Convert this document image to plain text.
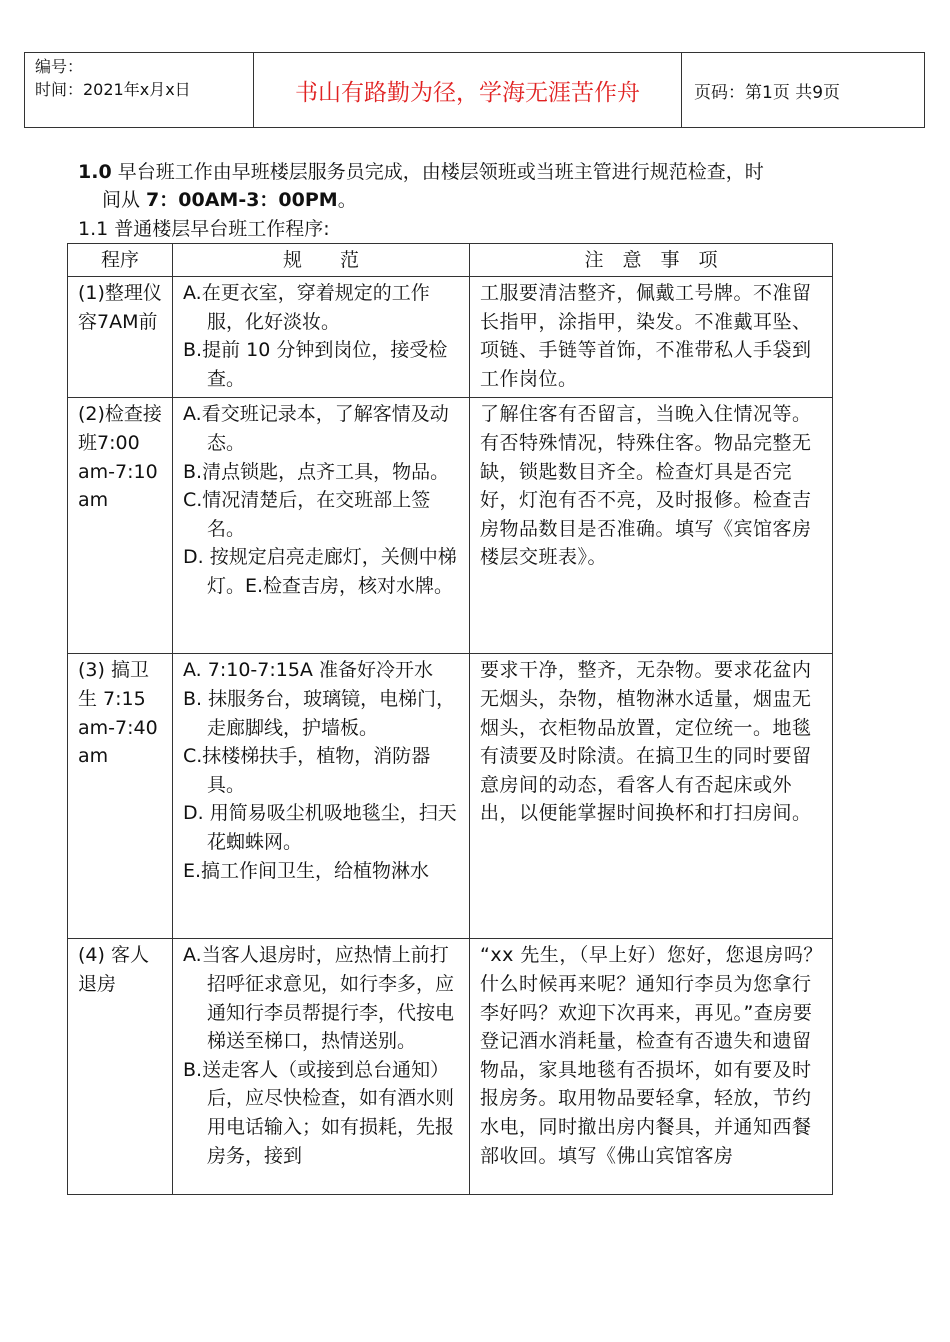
编号：
时间：2021年x月x日	书山有路勤为径，学海无涯苦作舟	页码：第1页 共9页
1.0 早台班工作由早班楼层服务员完成，由楼层领班或当班主管进行规范检查，时
间从 7：00AM-3：00PM。
1.1 普通楼层早台班工作程序:
程序	规　　范	注　意　事　项
(1)整理仪容7AM前	A.在更衣室，穿着规定的工作服，化好淡妆。
B.提前 10 分钟到岗位，接受检查。	工服要清洁整齐，佩戴工号牌。不准留长指甲，涂指甲，染发。不准戴耳坠、项链、手链等首饰，不准带私人手袋到工作岗位。
(2)检查接班7:00 am-7:10 am	A.看交班记录本，了解客情及动态。
B.清点锁匙，点齐工具，物品。
C.情况清楚后，在交班部上签名。
D. 按规定启亮走廊灯，关侧中梯灯。E.检查吉房，核对水牌。	了解住客有否留言，当晚入住情况等。有否特殊情况，特殊住客。物品完整无缺，锁匙数目齐全。检查灯具是否完好，灯泡有否不亮，及时报修。检查吉房物品数目是否准确。填写《宾馆客房楼层交班表》。
(3) 搞卫生 7:15 am-7:40 am	A. 7:10-7:15A 准备好冷开水
B. 抹服务台，玻璃镜，电梯门，走廊脚线，护墙板。
C.抹楼梯扶手，植物，消防器具。
D. 用简易吸尘机吸地毯尘，扫天花蜘蛛网。
E.搞工作间卫生，给植物淋水	要求干净，整齐，无杂物。要求花盆内无烟头，杂物，植物淋水适量，烟盅无烟头，衣柜物品放置，定位统一。地毯有渍要及时除渍。在搞卫生的同时要留意房间的动态，看客人有否起床或外出，以便能掌握时间换杯和打扫房间。
(4) 客人退房	A.当客人退房时，应热情上前打招呼征求意见，如行李多，应通知行李员帮提行李，代按电梯送至梯口，热情送别。
B.送走客人（或接到总台通知）后，应尽快检查，如有酒水则用电话输入；如有损耗，先报房务，接到	“xx 先生，（早上好）您好，您退房吗？什么时候再来呢？通知行李员为您拿行李好吗？欢迎下次再来，再见。”查房要登记酒水消耗量，检查有否遗失和遗留物品，家具地毯有否损坏，如有要及时报房务。取用物品要轻拿，轻放，节约水电，同时撤出房内餐具，并通知西餐部收回。填写《佛山宾馆客房
